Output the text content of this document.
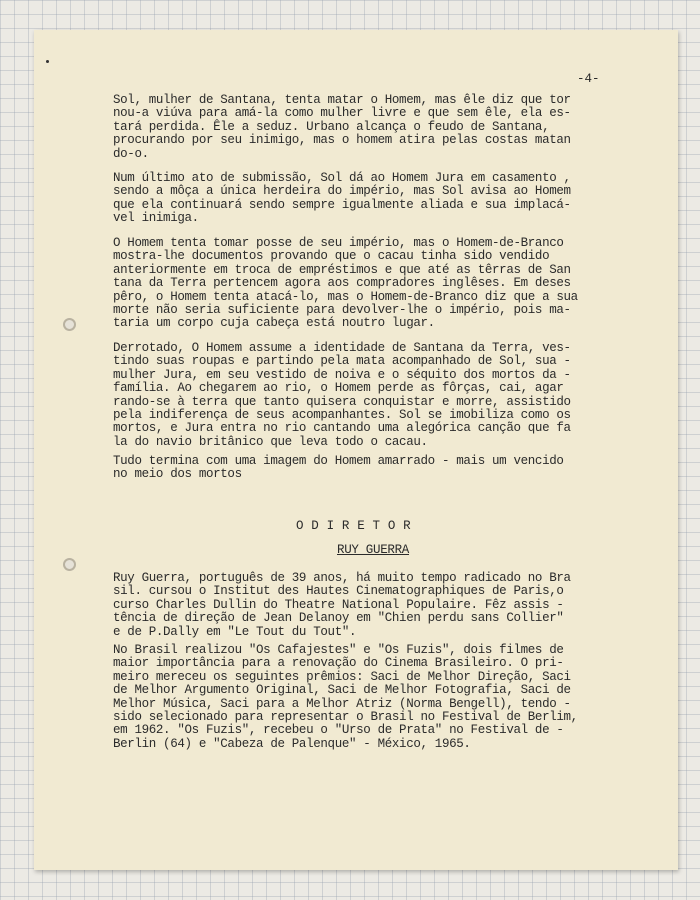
-4-

Sol, mulher de Santana, tenta matar o Homem, mas êle diz que tor
nou-a viúva para amá-la como mulher livre e que sem êle, ela es-
tará perdida. Êle a seduz. Urbano alcança o feudo de Santana,
procurando por seu inimigo, mas o homem atira pelas costas matan
do-o.

Num último ato de submissão, Sol dá ao Homem Jura em casamento ,
sendo a môça a única herdeira do império, mas Sol avisa ao Homem
que ela continuará sendo sempre igualmente aliada e sua implacá-
vel inimiga.

O Homem tenta tomar posse de seu império, mas o Homem-de-Branco
mostra-lhe documentos provando que o cacau tinha sido vendido
anteriormente em troca de empréstimos e que até as têrras de San
tana da Terra pertencem agora aos compradores inglêses. Em deses
pêro, o Homem tenta atacá-lo, mas o Homem-de-Branco diz que a sua
morte não seria suficiente para devolver-lhe o império, pois ma-
taria um corpo cuja cabeça está noutro lugar.

Derrotado, O Homem assume a identidade de Santana da Terra, ves-
tindo suas roupas e partindo pela mata acompanhado de Sol, sua -
mulher Jura, em seu vestido de noiva e o séquito dos mortos da -
família. Ao chegarem ao rio, o Homem perde as fôrças, cai, agar
rando-se à terra que tanto quisera conquistar e morre, assistido
pela indiferença de seus acompanhantes. Sol se imobiliza como os
mortos, e Jura entra no rio cantando uma alegórica canção que fa
la do navio britânico que leva todo o cacau.

Tudo termina com uma imagem do Homem amarrado - mais um vencido
no meio dos mortos

O D I R E T O R
RUY GUERRA

Ruy Guerra, português de 39 anos, há muito tempo radicado no Bra
sil. cursou o Institut des Hautes Cinematographiques de Paris,o
curso Charles Dullin do Theatre National Populaire. Fêz assis -
tência de direção de Jean Delanoy em "Chien perdu sans Collier"
e de P.Dally em "Le Tout du Tout".

No Brasil realizou "Os Cafajestes" e "Os Fuzis", dois filmes de
maior importância para a renovação do Cinema Brasileiro. O pri-
meiro mereceu os seguintes prêmios: Saci de Melhor Direção, Saci
de Melhor Argumento Original, Saci de Melhor Fotografia, Saci de
Melhor Música, Saci para a Melhor Atriz (Norma Bengell), tendo -
sido selecionado para representar o Brasil no Festival de Berlim,
em 1962. "Os Fuzis", recebeu o "Urso de Prata" no Festival de -
Berlin (64) e "Cabeza de Palenque" - México, 1965.
